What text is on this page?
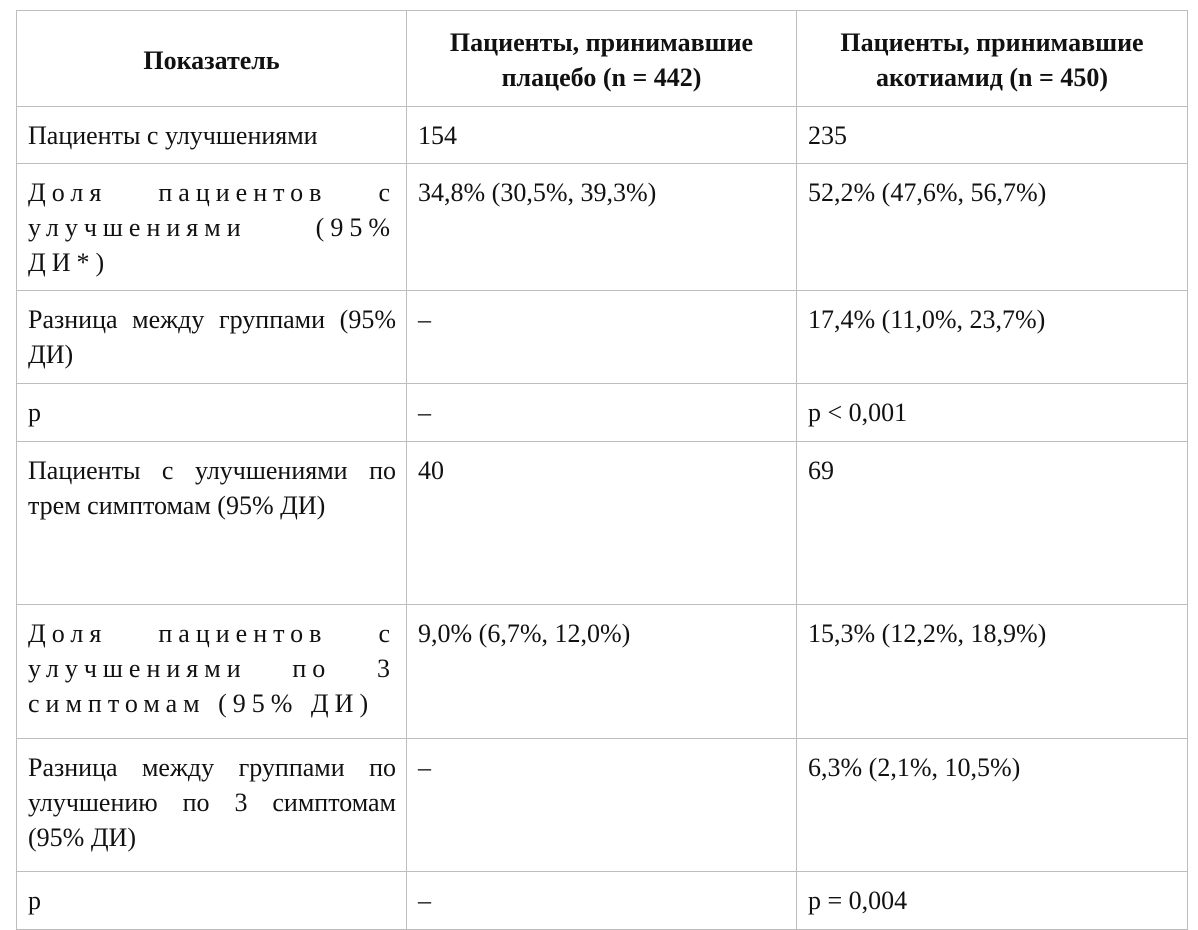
Показатель	Пациенты, принимавшие плацебо (n = 442)	Пациенты, принимавшие акотиамид (n = 450)
Пациенты с улучшениями	154	235
Доля пациентов с улучшениями (95% ДИ*)	34,8% (30,5%, 39,3%)	52,2% (47,6%, 56,7%)
Разница между группами (95% ДИ)	–	17,4% (11,0%, 23,7%)
p	–	p < 0,001
Пациенты с улучшениями по трем симптомам (95% ДИ)	40	69
Доля пациентов с улучшениями по 3 симптомам (95% ДИ)	9,0% (6,7%, 12,0%)	15,3% (12,2%, 18,9%)
Разница между группами по улучшению по 3 симптомам (95% ДИ)	–	6,3% (2,1%, 10,5%)
p	–	p = 0,004
